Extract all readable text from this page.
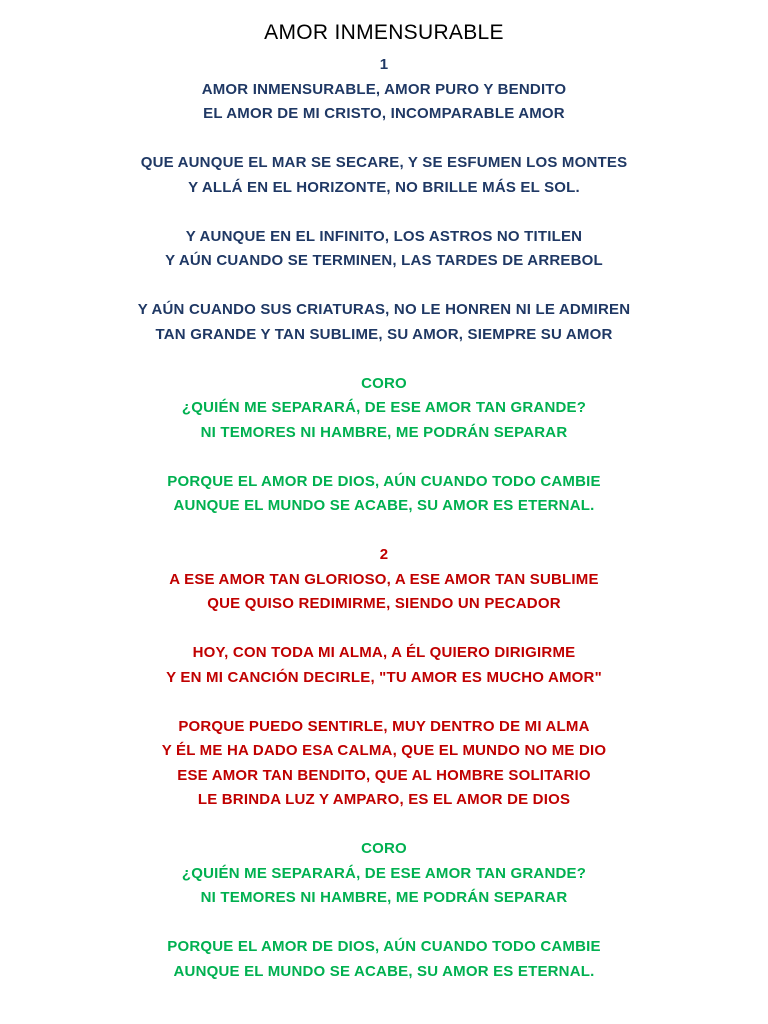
AMOR INMENSURABLE
1
AMOR INMENSURABLE, AMOR PURO Y BENDITO
EL AMOR DE MI CRISTO, INCOMPARABLE AMOR
QUE AUNQUE EL MAR SE SECARE, Y SE ESFUMEN LOS MONTES
Y ALLÁ EN EL HORIZONTE, NO BRILLE MÁS EL SOL.
Y AUNQUE EN EL INFINITO, LOS ASTROS NO TITILEN
Y AÚN CUANDO SE TERMINEN, LAS TARDES DE ARREBOL
Y AÚN CUANDO SUS CRIATURAS, NO LE HONREN NI LE ADMIREN
TAN GRANDE Y TAN SUBLIME, SU AMOR, SIEMPRE SU AMOR
CORO
¿QUIÉN ME SEPARARÁ, DE ESE AMOR TAN GRANDE?
NI TEMORES NI HAMBRE, ME PODRÁN SEPARAR
PORQUE EL AMOR DE DIOS, AÚN CUANDO TODO CAMBIE
AUNQUE EL MUNDO SE ACABE, SU AMOR ES ETERNAL.
2
A ESE AMOR TAN GLORIOSO, A ESE AMOR TAN SUBLIME
QUE QUISO REDIMIRME, SIENDO UN PECADOR
HOY, CON TODA MI ALMA, A ÉL QUIERO DIRIGIRME
Y EN MI CANCIÓN DECIRLE, "TU AMOR ES MUCHO AMOR"
PORQUE PUEDO SENTIRLE, MUY DENTRO DE MI ALMA
Y ÉL ME HA DADO ESA CALMA, QUE EL MUNDO NO ME DIO
ESE AMOR TAN BENDITO, QUE AL HOMBRE SOLITARIO
LE BRINDA LUZ Y AMPARO, ES EL AMOR DE DIOS
CORO
¿QUIÉN ME SEPARARÁ, DE ESE AMOR TAN GRANDE?
NI TEMORES NI HAMBRE, ME PODRÁN SEPARAR
PORQUE EL AMOR DE DIOS, AÚN CUANDO TODO CAMBIE
AUNQUE EL MUNDO SE ACABE, SU AMOR ES ETERNAL.
